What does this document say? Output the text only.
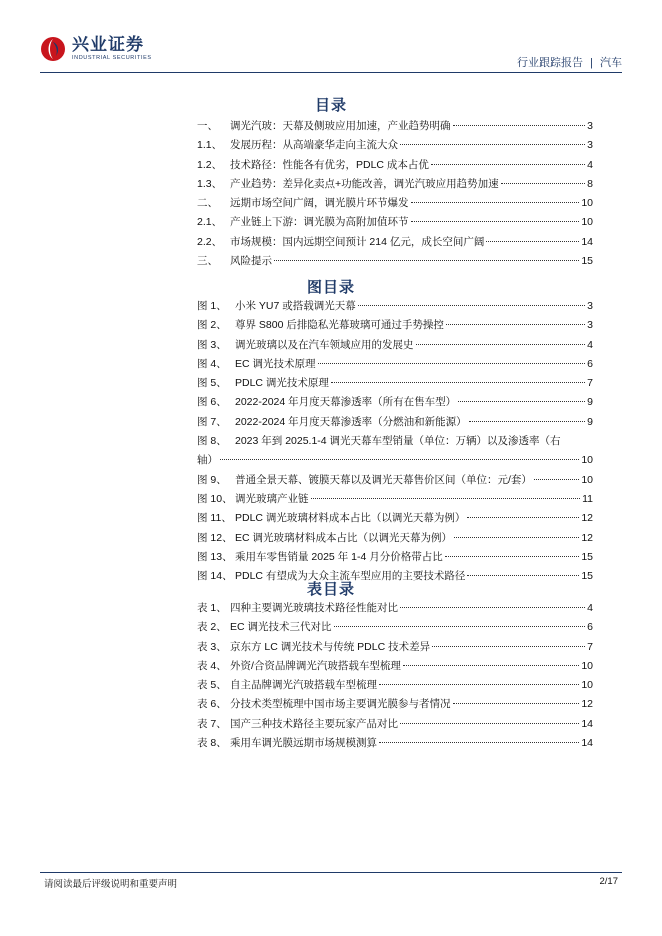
兴业证券
INDUSTRIAL SECURITIES	行业跟踪报告 | 汽车
目录
一、	调光汽玻：天幕及侧玻应用加速，产业趋势明确	3
1.1、 发展历程：从高端豪华走向主流大众	3
1.2、 技术路径：性能各有优劣，PDLC 成本占优	4
1.3、 产业趋势：差异化卖点+功能改善，调光汽玻应用趋势加速	8
二、	远期市场空间广阔，调光膜片环节爆发	10
2.1、 产业链上下游：调光膜为高附加值环节	10
2.2、 市场规模：国内远期空间预计 214 亿元，成长空间广阔	14
三、	风险提示	15
图目录
图 1、 小米 YU7 或搭载调光天幕	3
图 2、 尊界 S800 后排隐私光幕玻璃可通过手势操控	3
图 3、 调光玻璃以及在汽车领域应用的发展史	4
图 4、 EC 调光技术原理	6
图 5、 PDLC 调光技术原理	7
图 6、 2022-2024 年月度天幕渗透率（所有在售车型）	9
图 7、 2022-2024 年月度天幕渗透率（分燃油和新能源）	9
图 8、 2023 年到 2025.1-4 调光天幕车型销量（单位：万辆）以及渗透率（右
轴）	10
图 9、 普通全景天幕、镀膜天幕以及调光天幕售价区间（单位：元/套）	10
图 10、 调光玻璃产业链	11
图 11、 PDLC 调光玻璃材料成本占比（以调光天幕为例）	12
图 12、 EC 调光玻璃材料成本占比（以调光天幕为例）	12
图 13、 乘用车零售销量 2025 年 1-4 月分价格带占比	15
图 14、 PDLC 有望成为大众主流车型应用的主要技术路径	15
表目录
表 1、 四种主要调光玻璃技术路径性能对比	4
表 2、 EC 调光技术三代对比	6
表 3、 京东方 LC 调光技术与传统 PDLC 技术差异	7
表 4、 外资/合资品牌调光汽玻搭载车型梳理	10
表 5、 自主品牌调光汽玻搭载车型梳理	10
表 6、 分技术类型梳理中国市场主要调光膜参与者情况	12
表 7、 国产三种技术路径主要玩家产品对比	14
表 8、 乘用车调光膜远期市场规模测算	14
请阅读最后评级说明和重要声明	2/17
